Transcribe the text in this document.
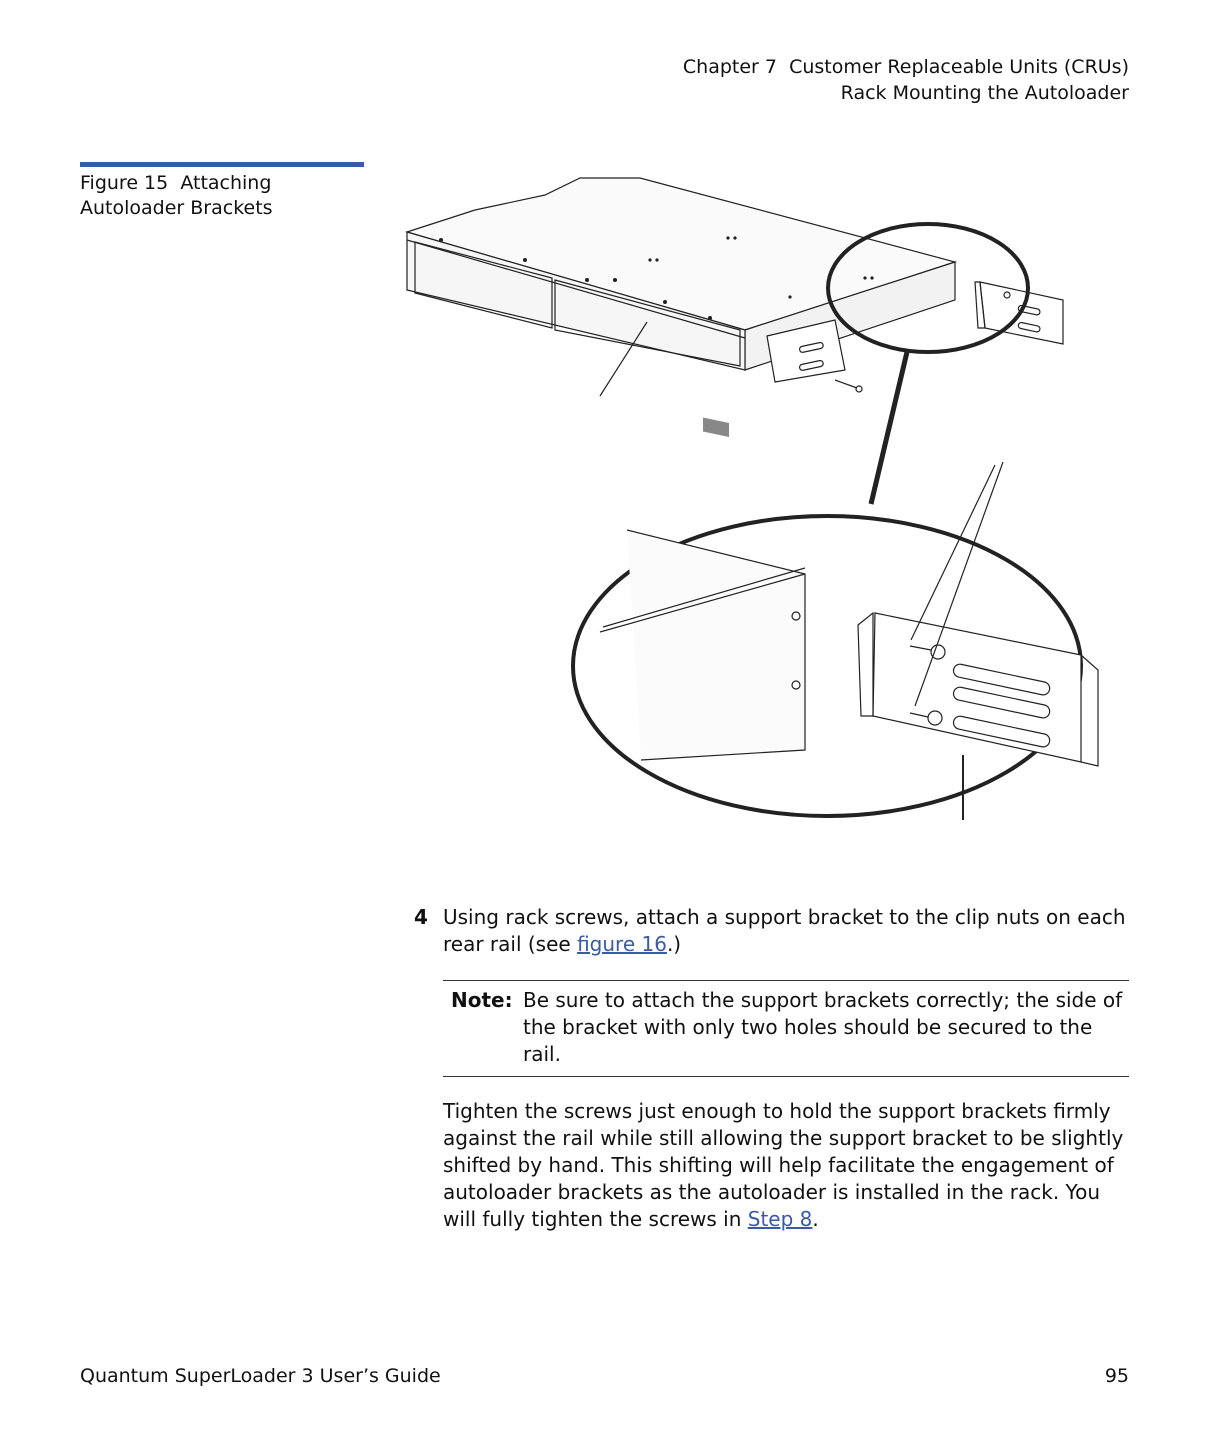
Chapter 7  Customer Replaceable Units (CRUs)
Rack Mounting the Autoloader
Figure 15 Attaching Autoloader Brackets
4 Using rack screws, attach a support bracket to the clip nuts on each rear rail (see figure 16.)
Note: Be sure to attach the support brackets correctly; the side of the bracket with only two holes should be secured to the rail.
Tighten the screws just enough to hold the support brackets firmly against the rail while still allowing the support bracket to be slightly shifted by hand. This shifting will help facilitate the engagement of autoloader brackets as the autoloader is installed in the rack. You will fully tighten the screws in Step 8.
Quantum SuperLoader 3 User’s Guide	95
